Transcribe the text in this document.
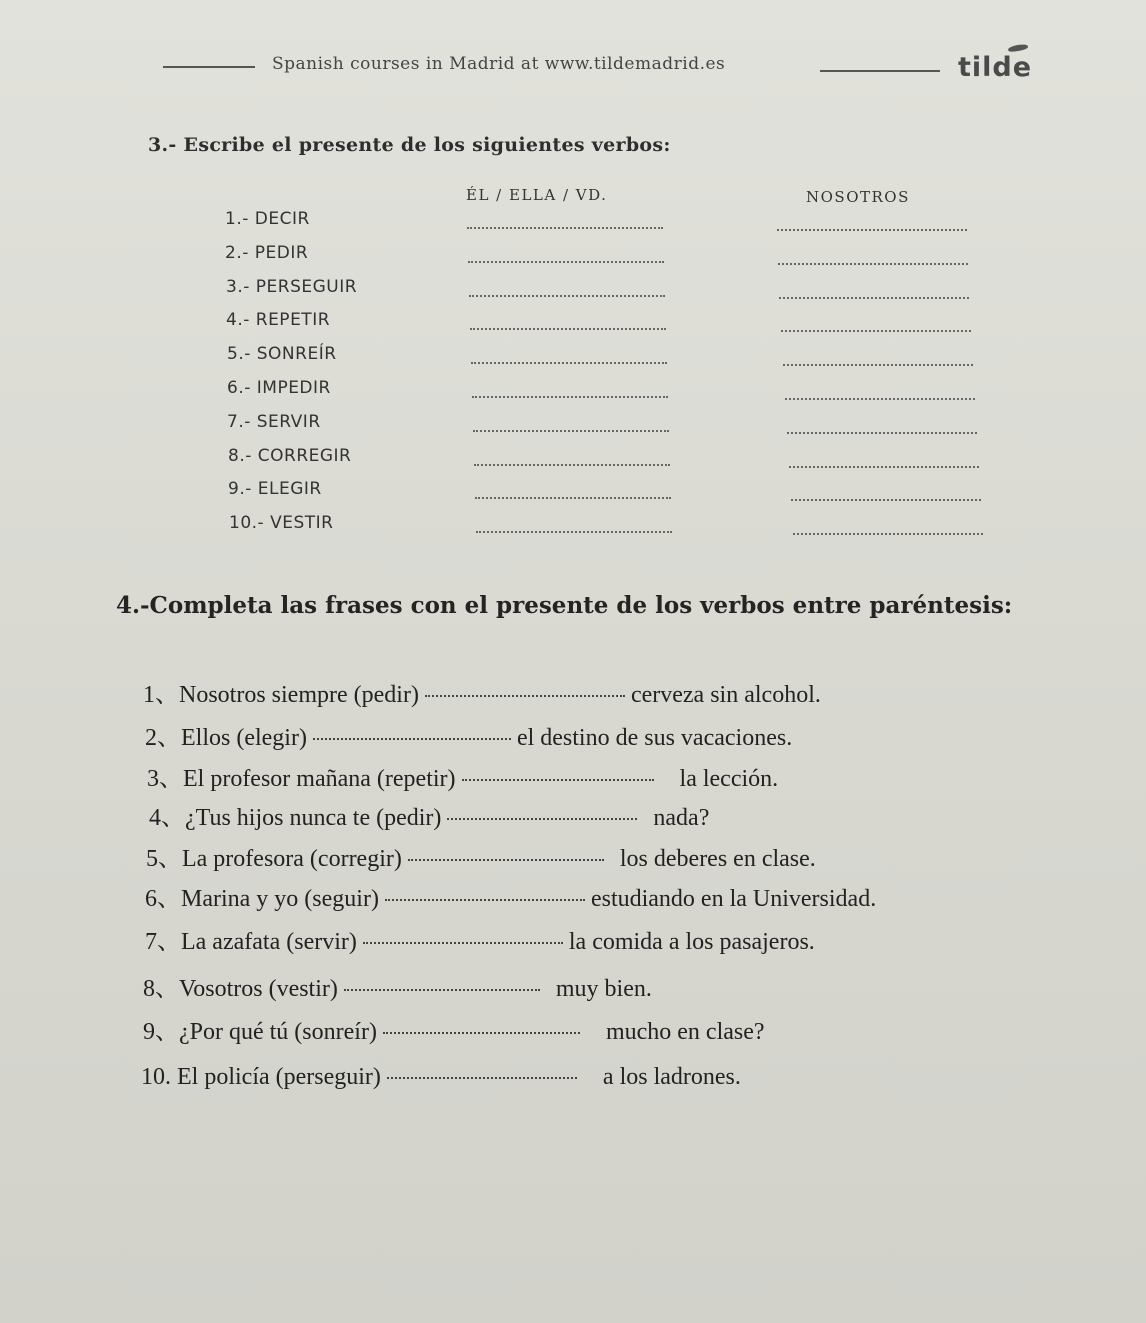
Spanish courses in Madrid at www.tildemadrid.es	tilde
3.- Escribe el presente de los siguientes verbos:
ÉL / ELLA / VD.	NOSOTROS
1.- DECIR
2.- PEDIR
3.- PERSEGUIR
4.- REPETIR
5.- SONREÍR
6.- IMPEDIR
7.- SERVIR
8.- CORREGIR
9.- ELEGIR
10.- VESTIR
4.-Completa las frases con el presente de los verbos entre paréntesis:
1、Nosotros siempre (pedir)	cerveza sin alcohol.
2、Ellos (elegir)	el destino de sus vacaciones.
3、El profesor mañana (repetir)	la lección.
4、¿Tus hijos nunca te (pedir)	nada?
5、La profesora (corregir)	los deberes en clase.
6、Marina y yo (seguir)	estudiando en la Universidad.
7、La azafata (servir)	la comida a los pasajeros.
8、Vosotros (vestir)	muy bien.
9、¿Por qué tú (sonreír)	mucho en clase?
10. El policía (perseguir)	a los ladrones.
